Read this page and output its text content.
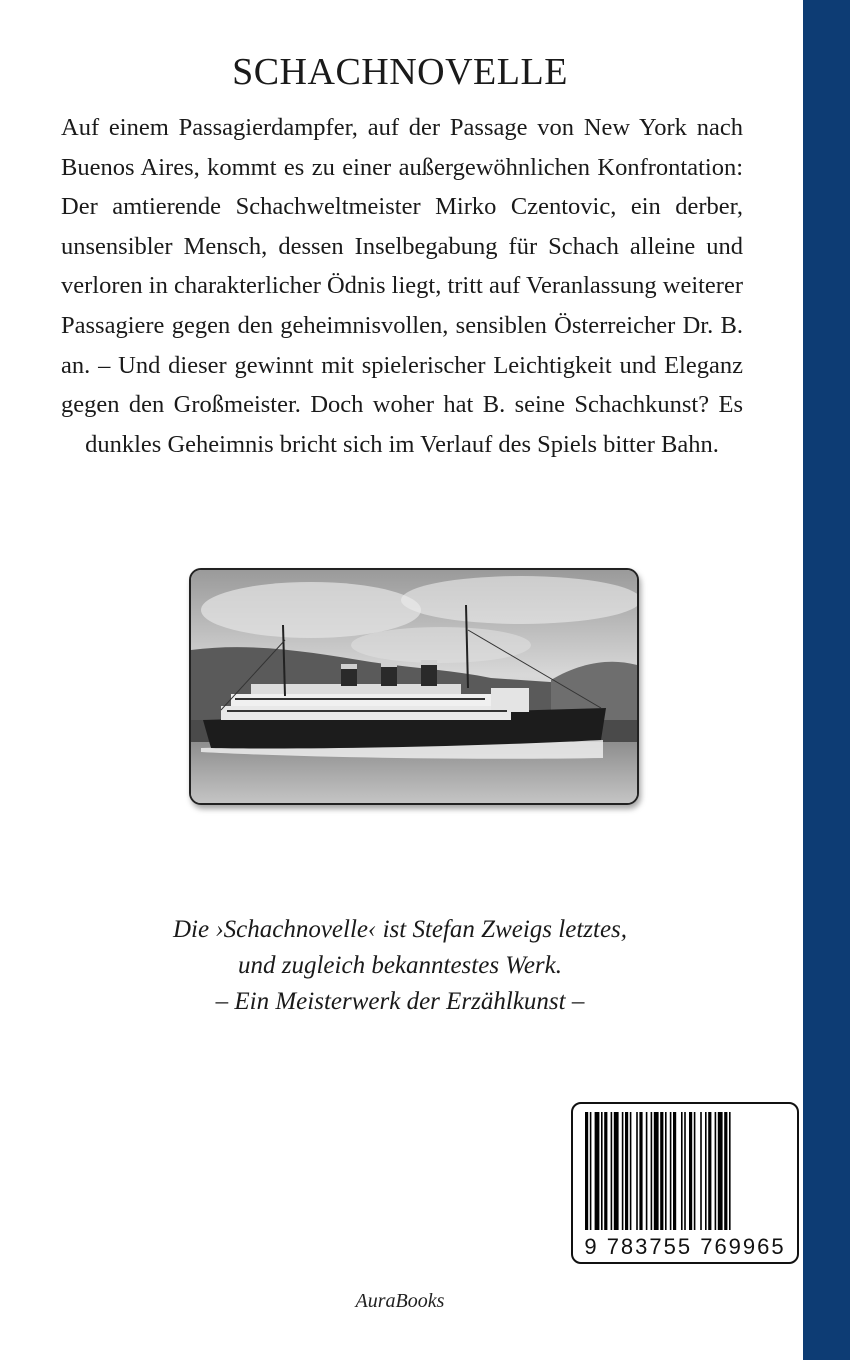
SCHACHNOVELLE

Auf einem Passagierdampfer, auf der Passage von New York nach Buenos Aires, kommt es zu einer außergewöhnlichen Konfrontation: Der amtierende Schachweltmeister Mirko Czentovic, ein derber, unsensibler Mensch, dessen Inselbegabung für Schach alleine und verloren in charakterlicher Ödnis liegt, tritt auf Veranlassung weiterer Passagiere gegen den geheimnisvollen, sensiblen Österreicher Dr. B. an. – Und dieser gewinnt mit spielerischer Leichtigkeit und Eleganz gegen den Großmeister. Doch woher hat B. seine Schachkunst? Es dunkles Geheimnis bricht sich im Verlauf des Spiels bitter Bahn.

Die ›Schachnovelle‹ ist Stefan Zweigs letztes,
und zugleich bekanntestes Werk.
– Ein Meisterwerk der Erzählkunst –
9 783755 769965
AuraBooks
